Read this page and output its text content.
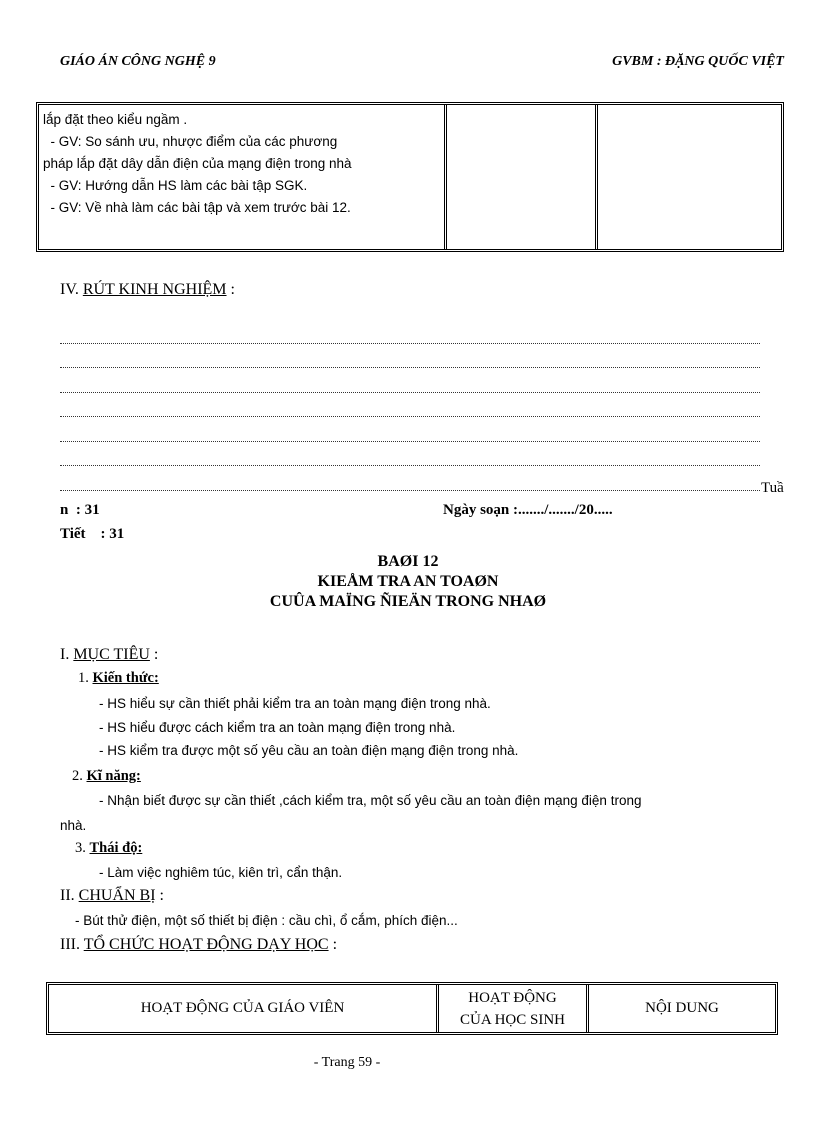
GIÁO ÁN CÔNG NGHỆ 9	GVBM : ĐẶNG QUỐC VIỆT
lắp đặt theo kiểu ngầm .
- GV: So sánh ưu, nhược điểm của các phương
pháp lắp đặt dây dẫn điện của mạng điện trong nhà
- GV: Hướng dẫn HS làm các bài tập SGK.
- GV: Về nhà làm các bài tập và xem trước bài 12.
IV. RÚT KINH NGHIỆM :
Tuầ
n  : 31	Ngày soạn :......./......./20.....
Tiết    : 31
BAØI 12
KIEÅM TRA AN TOAØN
CUÛA MAÏNG ÑIEÄN TRONG NHAØ
I. MỤC TIÊU :
1. Kiến thức:
- HS hiểu sự cần thiết phải kiểm tra an toàn mạng điện trong nhà.
- HS hiểu được cách kiểm tra an toàn mạng điện trong nhà.
- HS kiểm tra được một số yêu cầu an toàn điện mạng điện trong nhà.
2. Kĩ năng:
- Nhận biết được sự cần thiết ,cách kiểm tra, một số yêu cầu an toàn điện mạng điện trong
nhà.
3. Thái độ:
- Làm việc nghiêm túc, kiên trì, cẩn thận.
II. CHUẨN BỊ :
- Bút thử điện, một số thiết bị điện : cầu chì, ổ cắm, phích điện...
III. TỔ CHỨC HOẠT ĐỘNG DẠY HỌC :
HOẠT ĐỘNG CỦA GIÁO VIÊN
HOẠT ĐỘNG
CỦA HỌC SINH
NỘI DUNG
- Trang 59 -
